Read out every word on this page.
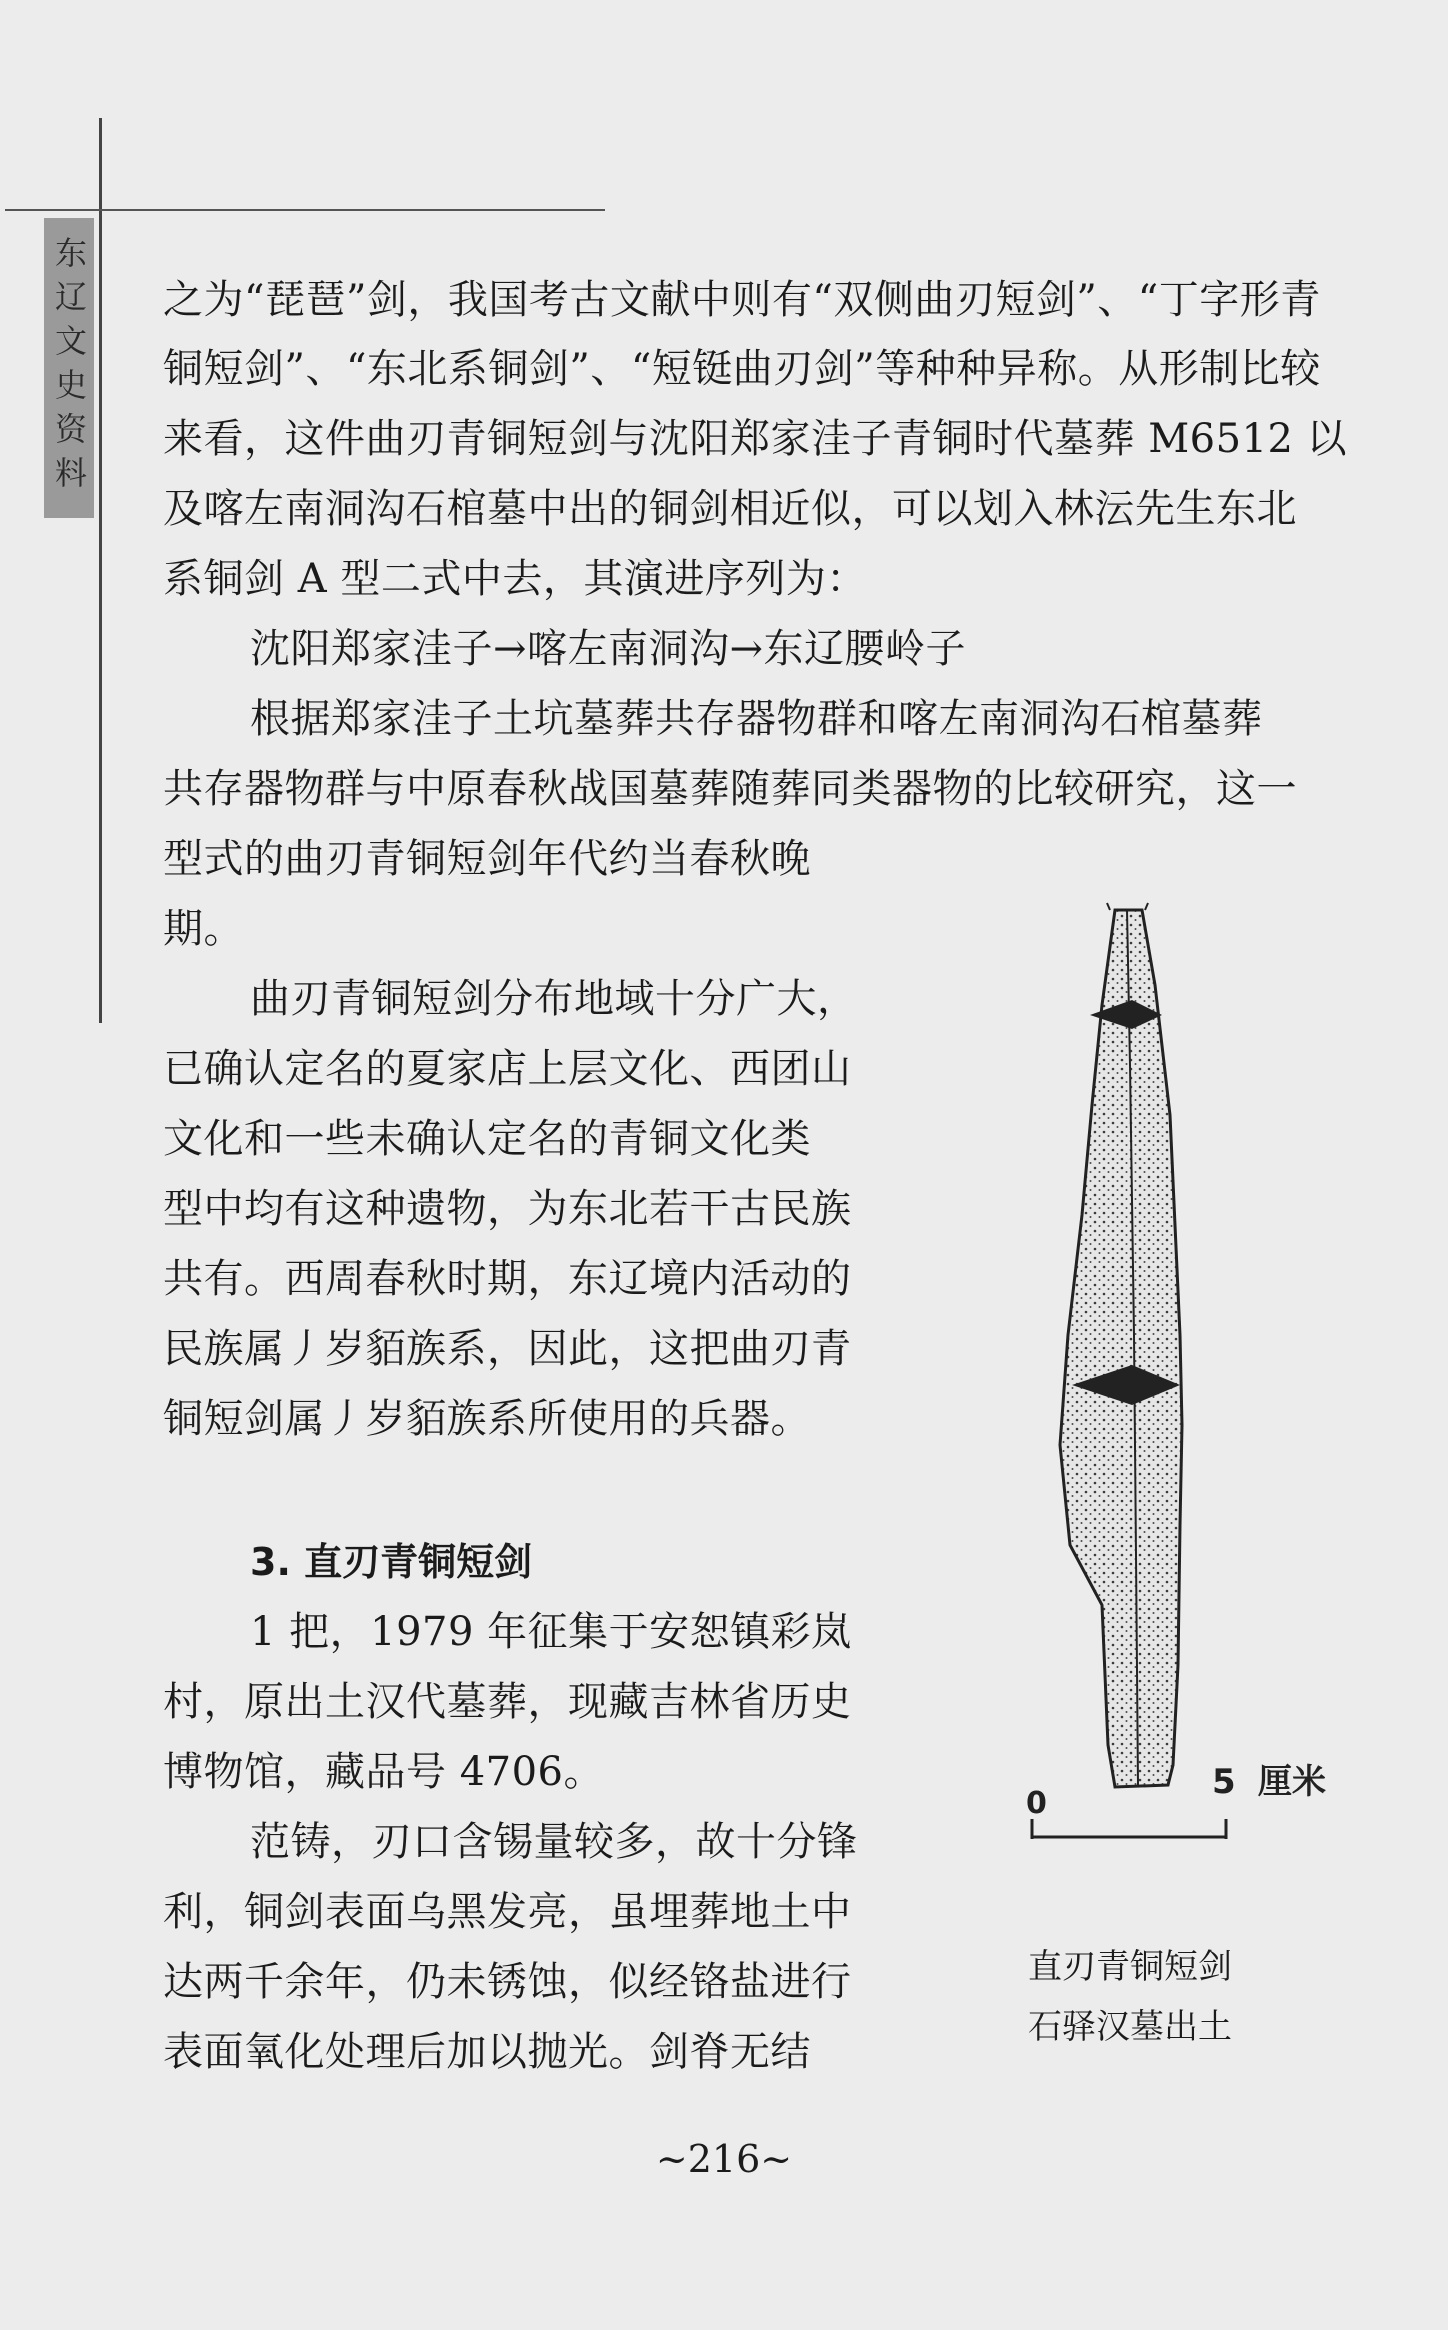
东辽文史资料 之为“琵琶”剑，我国考古文献中则有“双侧曲刃短剑”、“丁字形青
铜短剑”、“东北系铜剑”、“短铤曲刃剑”等种种异称。从形制比较
来看，这件曲刃青铜短剑与沈阳郑家洼子青铜时代墓葬 M6512 以
及喀左南洞沟石棺墓中出的铜剑相近似，可以划入林沄先生东北
系铜剑 A 型二式中去，其演进序列为：
沈阳郑家洼子→喀左南洞沟→东辽腰岭子
根据郑家洼子土坑墓葬共存器物群和喀左南洞沟石棺墓葬
共存器物群与中原春秋战国墓葬随葬同类器物的比较研究，这一
型式的曲刃青铜短剑年代约当春秋晚
期。
曲刃青铜短剑分布地域十分广大，
已确认定名的夏家店上层文化、西团山
文化和一些未确认定名的青铜文化类
型中均有这种遗物，为东北若干古民族
共有。西周春秋时期，东辽境内活动的
民族属丿岁貊族系，因此，这把曲刃青
铜短剑属丿岁貊族系所使用的兵器。
3. 直刃青铜短剑
1 把，1979 年征集于安恕镇彩岚
村，原出土汉代墓葬，现藏吉林省历史
博物馆，藏品号 4706。
范铸，刃口含锡量较多，故十分锋
利，铜剑表面乌黑发亮，虽埋葬地土中
达两千余年，仍未锈蚀，似经铬盐进行
表面氧化处理后加以抛光。剑脊无结
0
5 厘米
直刃青铜短剑
石驿汉墓出土
~216~
